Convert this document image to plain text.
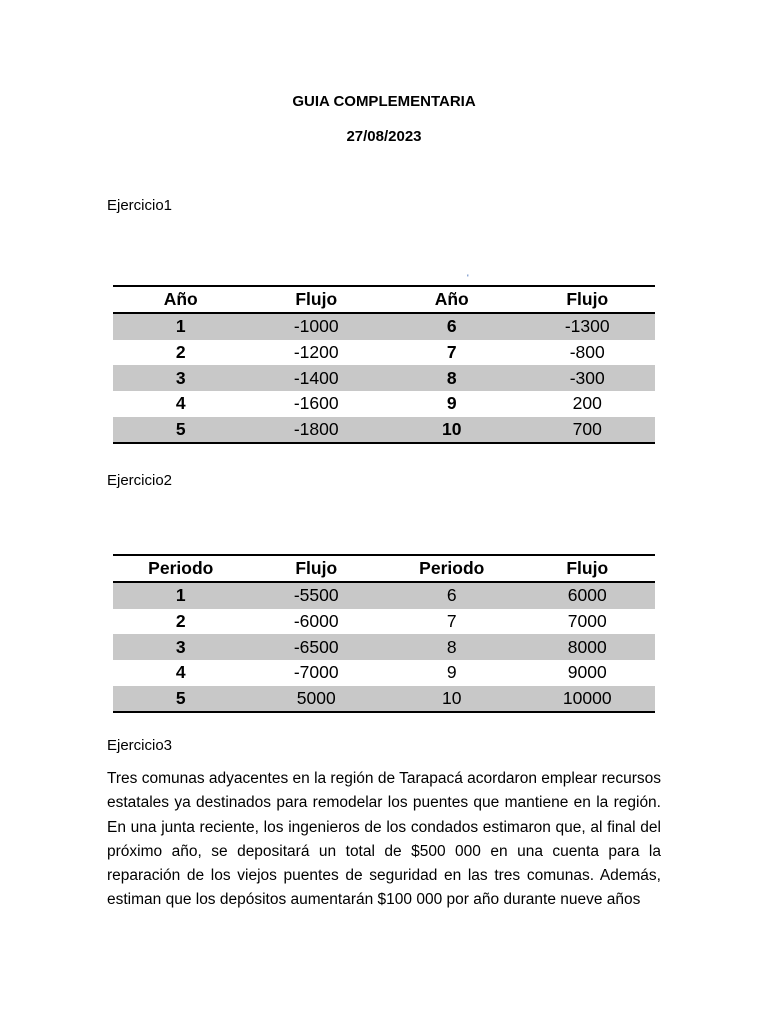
GUIA COMPLEMENTARIA
27/08/2023
Ejercicio1
'
Año	Flujo	Año	Flujo
1	-1000	6	-1300
2	-1200	7	-800
3	-1400	8	-300
4	-1600	9	200
5	-1800	10	700
Ejercicio2
Periodo	Flujo	Periodo	Flujo
1	-5500	6	6000
2	-6000	7	7000
3	-6500	8	8000
4	-7000	9	9000
5	5000	10	10000
Ejercicio3
Tres comunas adyacentes en la región de Tarapacá acordaron emplear recursos estatales ya destinados para remodelar los puentes que mantiene en la región. En una junta reciente, los ingenieros de los condados estimaron que, al final del próximo año, se depositará un total de $500 000 en una cuenta para la reparación de los viejos puentes de seguridad en las tres comunas. Además, estiman que los depósitos aumentarán $100 000 por año durante nueve años
